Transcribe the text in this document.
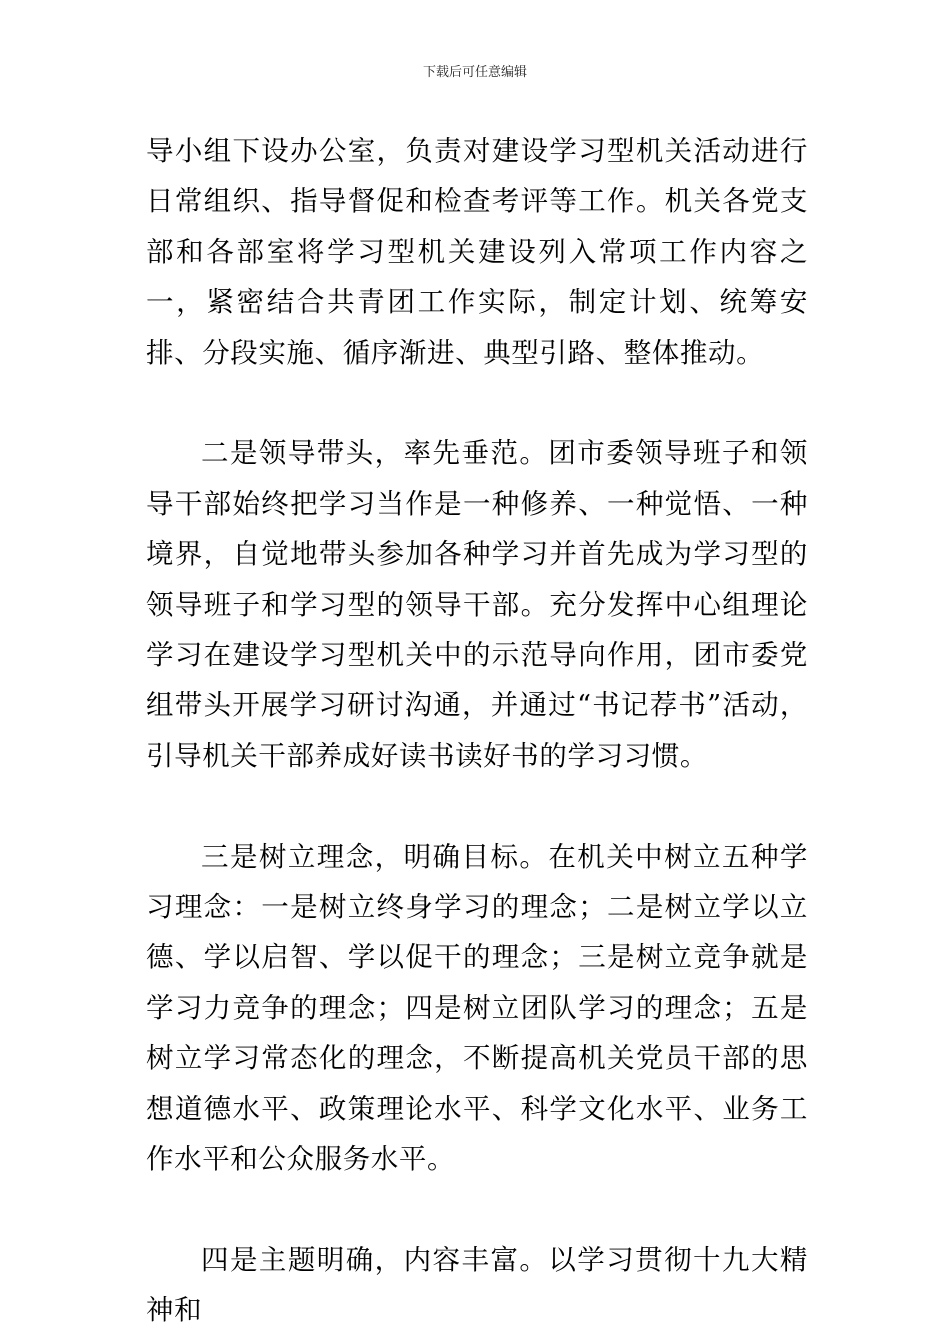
下载后可任意编辑

导小组下设办公室，负责对建设学习型机关活动进行日常组织、指导督促和检查考评等工作。机关各党支部和各部室将学习型机关建设列入常项工作内容之一，紧密结合共青团工作实际，制定计划、统筹安排、分段实施、循序渐进、典型引路、整体推动。

二是领导带头，率先垂范。团市委领导班子和领导干部始终把学习当作是一种修养、一种觉悟、一种境界，自觉地带头参加各种学习并首先成为学习型的领导班子和学习型的领导干部。充分发挥中心组理论学习在建设学习型机关中的示范导向作用，团市委党组带头开展学习研讨沟通，并通过“书记荐书”活动，引导机关干部养成好读书读好书的学习习惯。

三是树立理念，明确目标。在机关中树立五种学习理念：一是树立终身学习的理念；二是树立学以立德、学以启智、学以促干的理念；三是树立竞争就是学习力竞争的理念；四是树立团队学习的理念；五是树立学习常态化的理念，不断提高机关党员干部的思想道德水平、政策理论水平、科学文化水平、业务工作水平和公众服务水平。

四是主题明确，内容丰富。以学习贯彻十九大精神和
